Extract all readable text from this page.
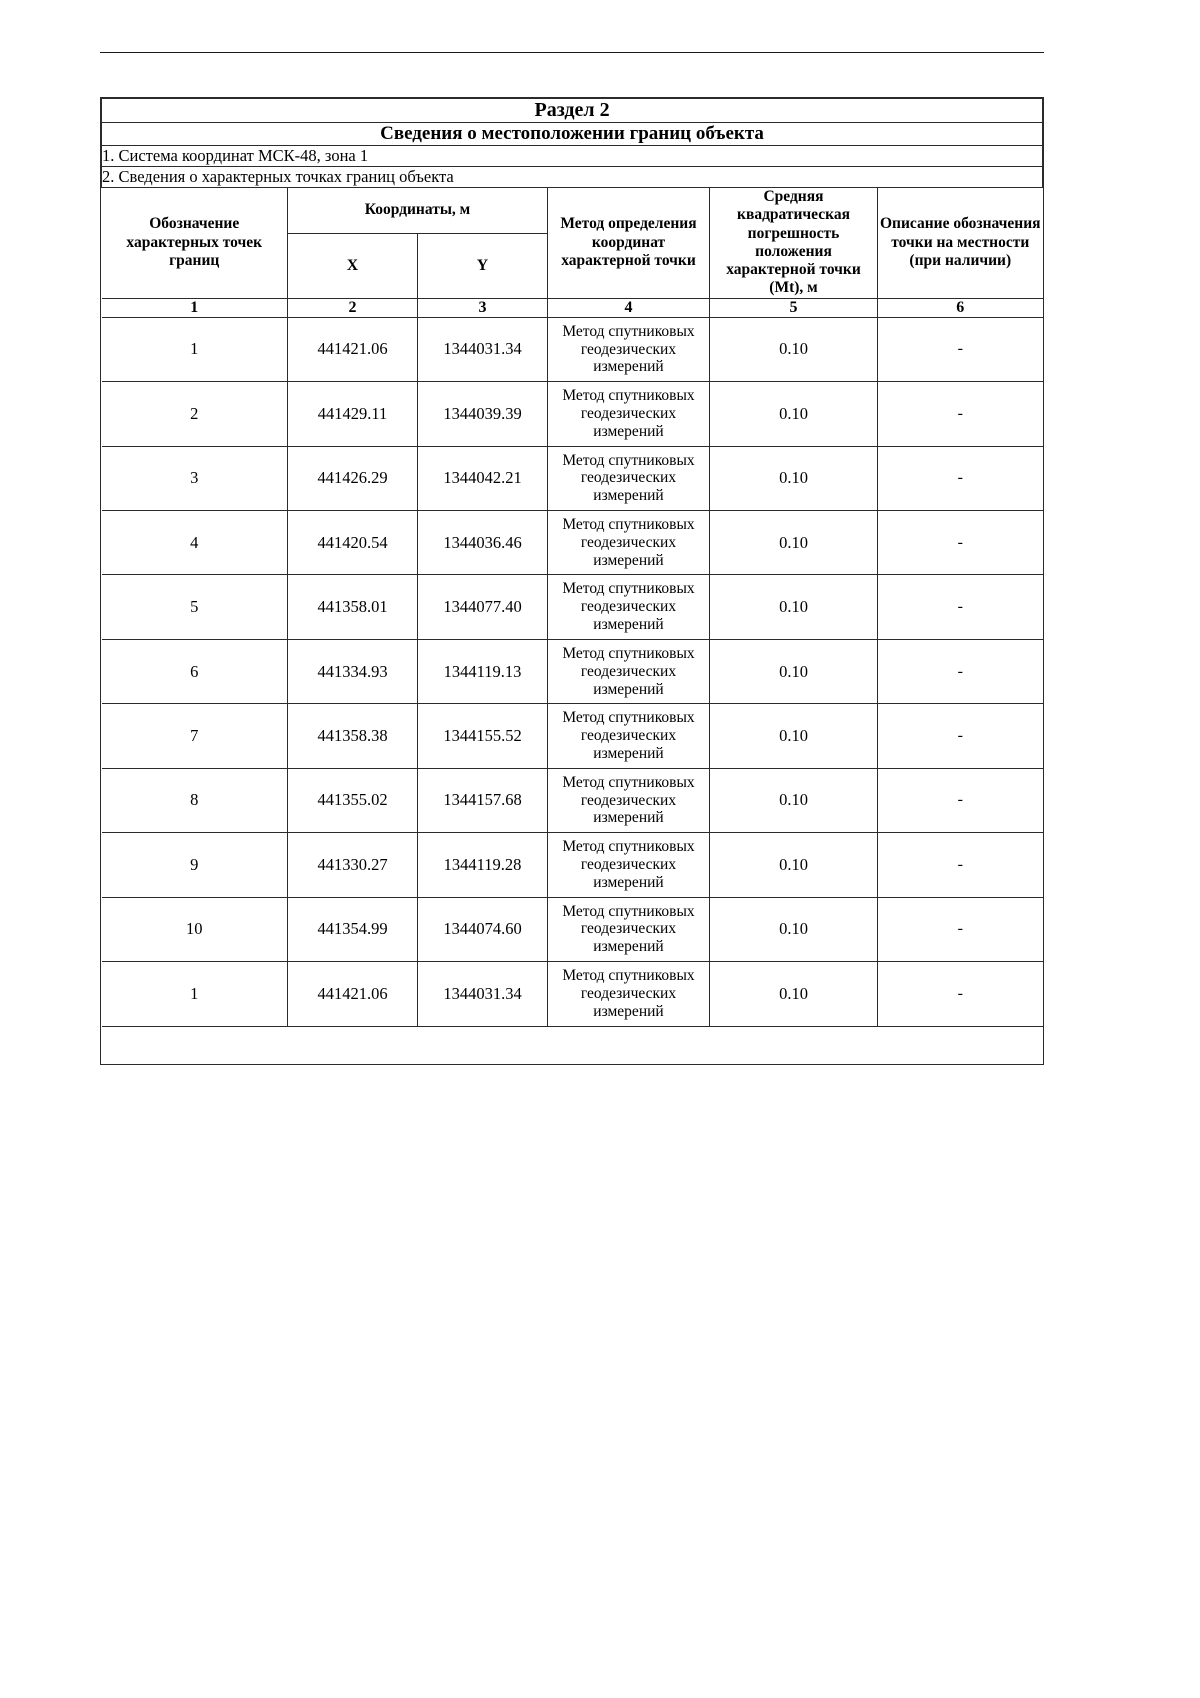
Раздел 2					
Сведения о местоположении границ объекта					
1. Система координат МСК-48, зона 1					
2. Сведения о характерных точках границ объекта					
Обозначение характерных точек границ	Координаты, м		Метод определения координат характерной точки	Средняя квадратическая погрешность положения характерной точки (Mt), м	Описание обозначения точки на местности (при наличии)
	X	Y			
1	2	3	4	5	6
1	441421.06	1344031.34	Метод спутниковых геодезических измерений	0.10	-
2	441429.11	1344039.39	Метод спутниковых геодезических измерений	0.10	-
3	441426.29	1344042.21	Метод спутниковых геодезических измерений	0.10	-
4	441420.54	1344036.46	Метод спутниковых геодезических измерений	0.10	-
5	441358.01	1344077.40	Метод спутниковых геодезических измерений	0.10	-
6	441334.93	1344119.13	Метод спутниковых геодезических измерений	0.10	-
7	441358.38	1344155.52	Метод спутниковых геодезических измерений	0.10	-
8	441355.02	1344157.68	Метод спутниковых геодезических измерений	0.10	-
9	441330.27	1344119.28	Метод спутниковых геодезических измерений	0.10	-
10	441354.99	1344074.60	Метод спутниковых геодезических измерений	0.10	-
1	441421.06	1344031.34	Метод спутниковых геодезических измерений	0.10	-
